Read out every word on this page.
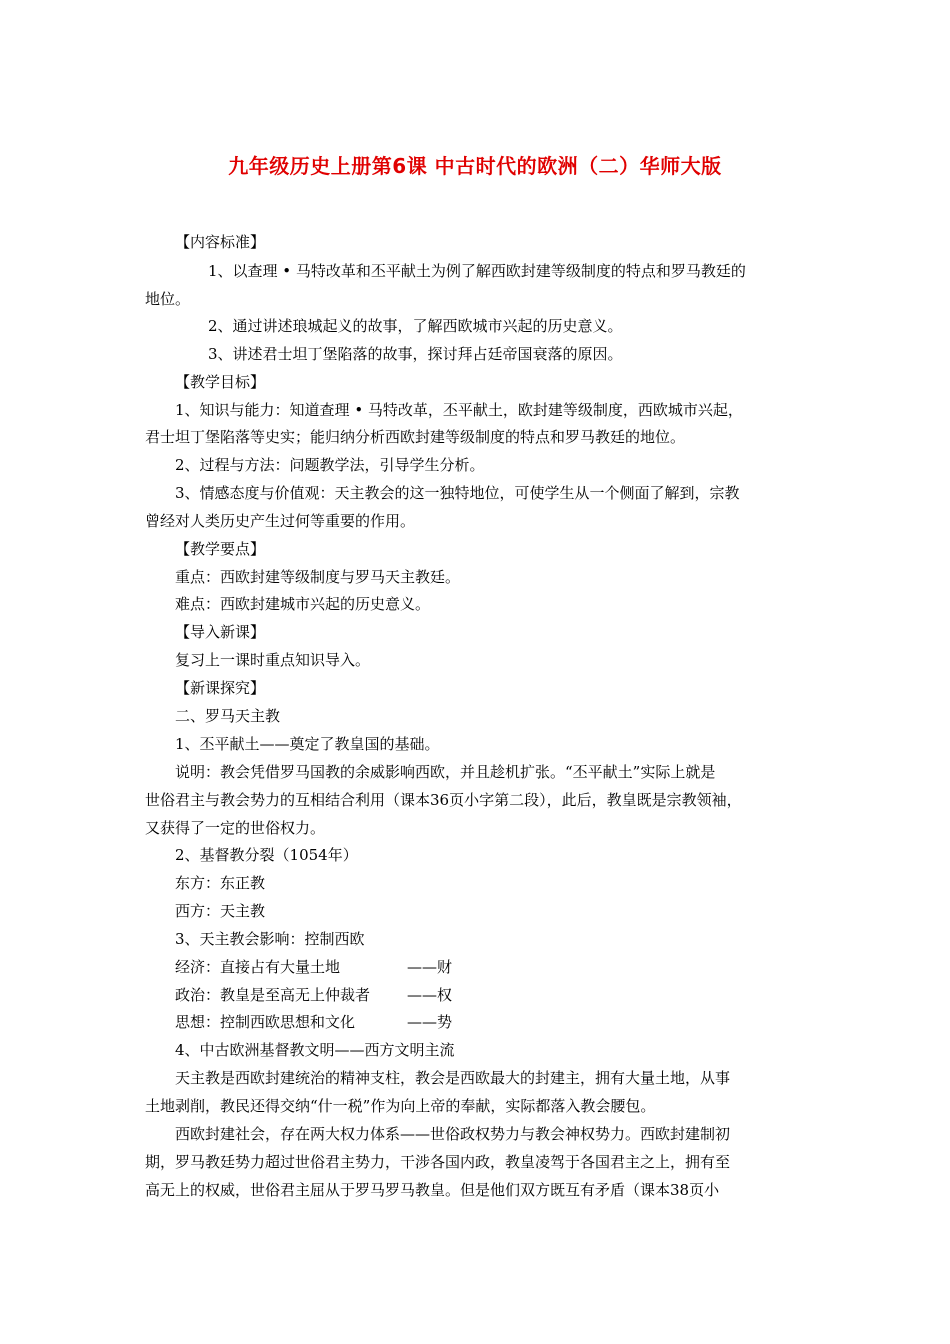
九年级历史上册第6课 中古时代的欧洲（二）华师大版
【内容标准】
1、以查理 • 马特改革和丕平献土为例了解西欧封建等级制度的特点和罗马教廷的
地位。
2、通过讲述琅城起义的故事，了解西欧城市兴起的历史意义。
3、讲述君士坦丁堡陷落的故事，探讨拜占廷帝国衰落的原因。
【教学目标】
1、知识与能力：知道查理 • 马特改革，丕平献土，欧封建等级制度，西欧城市兴起，
君士坦丁堡陷落等史实；能归纳分析西欧封建等级制度的特点和罗马教廷的地位。
2、过程与方法：问题教学法，引导学生分析。
3、情感态度与价值观：天主教会的这一独特地位，可使学生从一个侧面了解到，宗教
曾经对人类历史产生过何等重要的作用。
【教学要点】
重点：西欧封建等级制度与罗马天主教廷。
难点：西欧封建城市兴起的历史意义。
【导入新课】
复习上一课时重点知识导入。
【新课探究】
二、罗马天主教
1、丕平献土——奠定了教皇国的基础。
说明：教会凭借罗马国教的余威影响西欧，并且趁机扩张。“丕平献土”实际上就是
世俗君主与教会势力的互相结合利用（课本36页小字第二段），此后，教皇既是宗教领袖，
又获得了一定的世俗权力。
2、基督教分裂（1054年）
东方：东正教
西方：天主教
3、天主教会影响：控制西欧
经济：直接占有大量土地	——财
政治：教皇是至高无上仲裁者 ——权
思想：控制西欧思想和文化	——势
4、中古欧洲基督教文明——西方文明主流
天主教是西欧封建统治的精神支柱，教会是西欧最大的封建主，拥有大量土地，从事
土地剥削，教民还得交纳“什一税”作为向上帝的奉献，实际都落入教会腰包。
西欧封建社会，存在两大权力体系——世俗政权势力与教会神权势力。西欧封建制初
期，罗马教廷势力超过世俗君主势力，干涉各国内政，教皇凌驾于各国君主之上，拥有至
高无上的权威，世俗君主屈从于罗马罗马教皇。但是他们双方既互有矛盾（课本38页小
